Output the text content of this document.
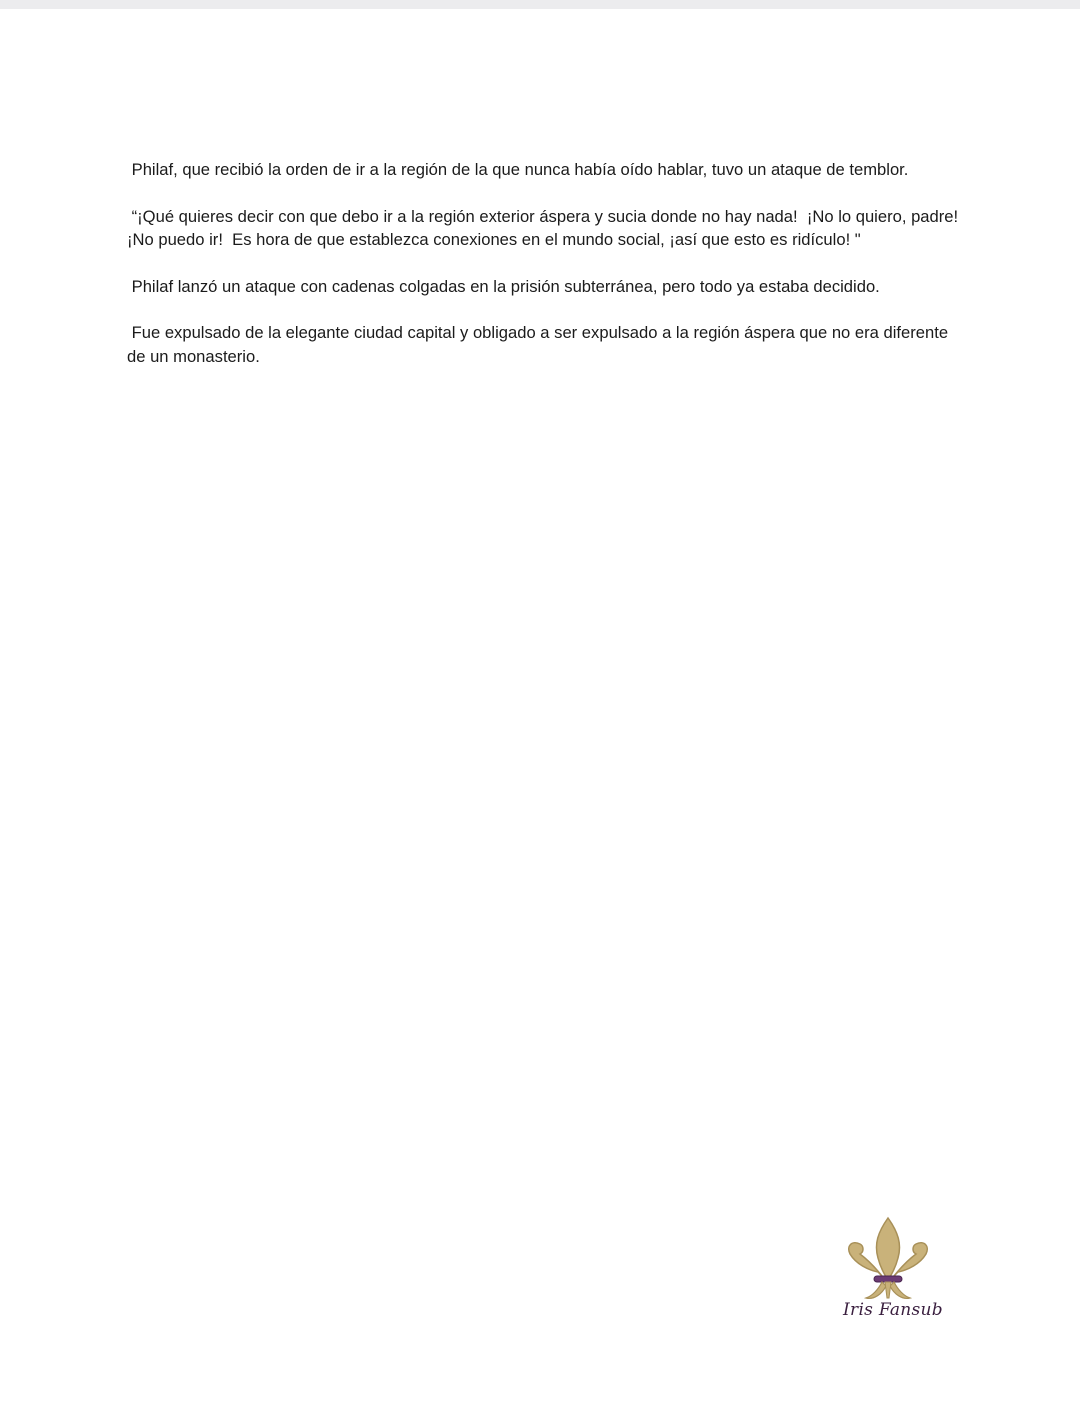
Philaf, que recibió la orden de ir a la región de la que nunca había oído hablar, tuvo un ataque de temblor.

“¡Qué quieres decir con que debo ir a la región exterior áspera y sucia donde no hay nada!  ¡No lo quiero, padre!  ¡No puedo ir!  Es hora de que establezca conexiones en el mundo social, ¡así que esto es ridículo! "

Philaf lanzó un ataque con cadenas colgadas en la prisión subterránea, pero todo ya estaba decidido.

Fue expulsado de la elegante ciudad capital y obligado a ser expulsado a la región áspera que no era diferente de un monasterio.

Iris Fansub
